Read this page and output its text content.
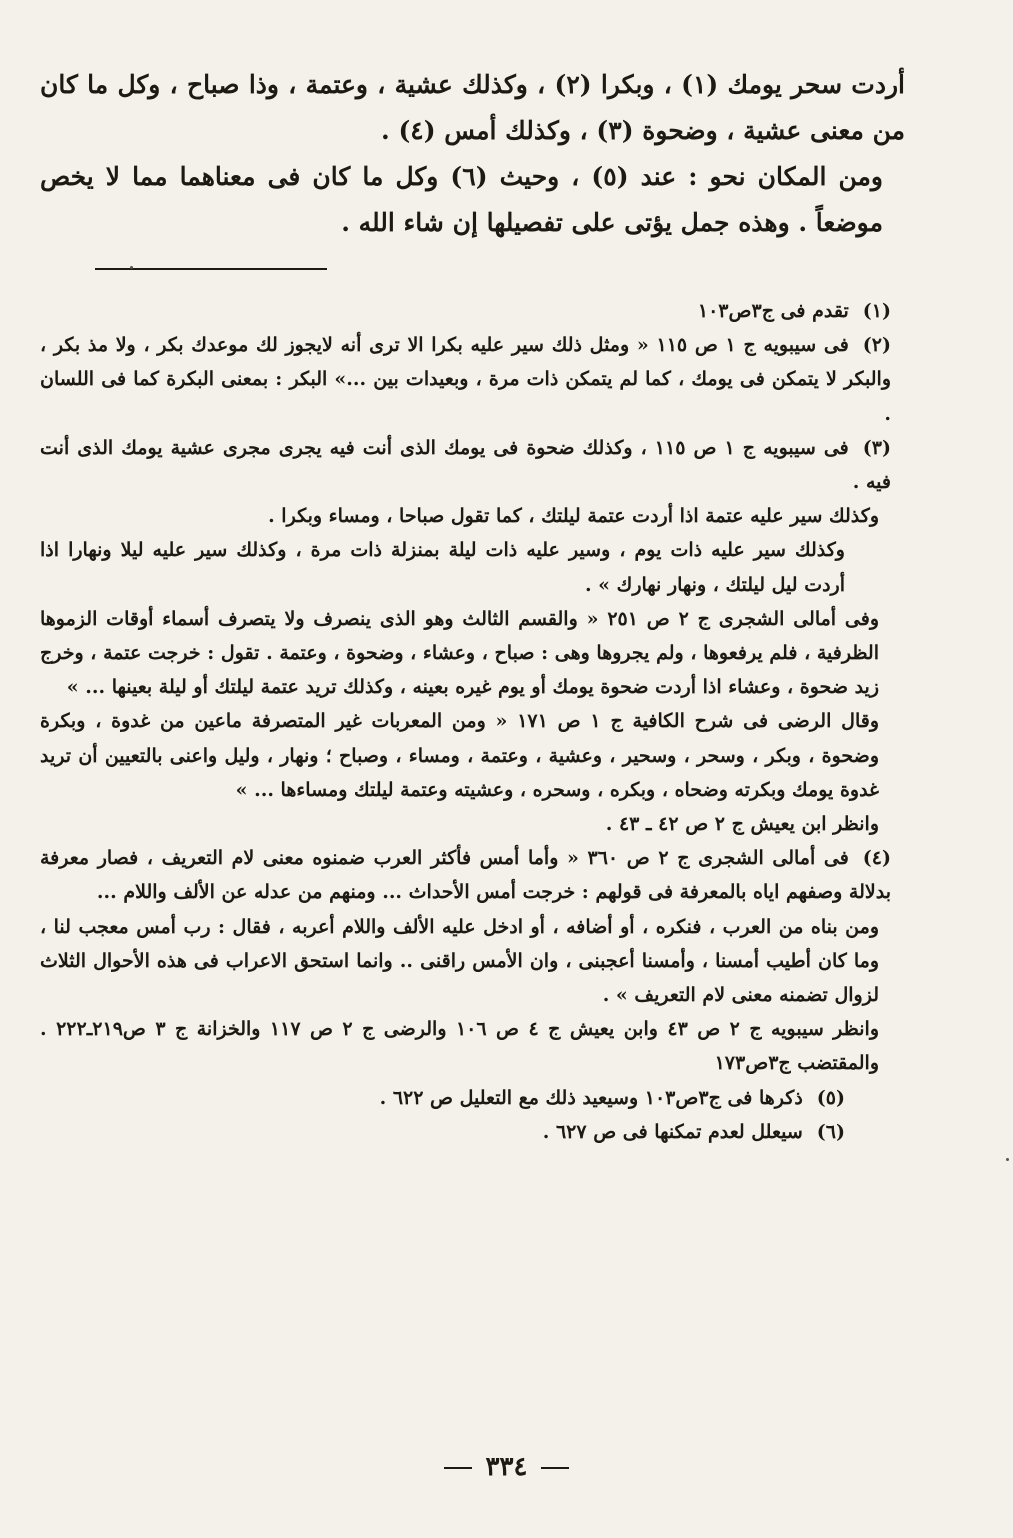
أردت سحر يومك (١) ، وبكرا (٢) ، وكذلك عشية ، وعتمة ، وذا صباح ، وكل ما كان من معنى عشية ، وضحوة (٣) ، وكذلك أمس (٤) .

ومن المكان نحو : عند (٥) ، وحيث (٦) وكل ما كان فى معناهما مما لا يخص موضعاً . وهذه جمل يؤتى على تفصيلها إن شاء الله .

(١)تقدم فى ج٣ص١٠٣

(٢)فى سيبويه ج ١ ص ١١٥ « ومثل ذلك سير عليه بكرا الا ترى أنه لايجوز لك موعدك بكر ، ولا مذ بكر ، والبكر لا يتمكن فى يومك ، كما لم يتمكن ذات مرة ، وبعيدات بين ...» البكر : بمعنى البكرة كما فى اللسان .

(٣)فى سيبويه ج ١ ص ١١٥ ، وكذلك ضحوة فى يومك الذى أنت فيه يجرى مجرى عشية يومك الذى أنت فيه .

وكذلك سير عليه عتمة اذا أردت عتمة ليلتك ، كما تقول صباحا ، ومساء وبكرا .

وكذلك سير عليه ذات يوم ، وسير عليه ذات ليلة بمنزلة ذات مرة ، وكذلك سير عليه ليلا ونهارا اذا أردت ليل ليلتك ، ونهار نهارك » .

وفى أمالى الشجرى ج ٢ ص ٢٥١ « والقسم الثالث وهو الذى ينصرف ولا يتصرف أسماء أوقات الزموها الظرفية ، فلم يرفعوها ، ولم يجروها وهى : صباح ، وعشاء ، وضحوة ، وعتمة . تقول : خرجت عتمة ، وخرج زيد ضحوة ، وعشاء اذا أردت ضحوة يومك أو يوم غيره بعينه ، وكذلك تريد عتمة ليلتك أو ليلة بعينها ... »

وقال الرضى فى شرح الكافية ج ١ ص ١٧١ « ومن المعربات غير المتصرفة ماعين من غدوة ، وبكرة وضحوة ، وبكر ، وسحر ، وسحير ، وعشية ، وعتمة ، ومساء ، وصباح ؛ ونهار ، وليل واعنى بالتعيين أن تريد غدوة يومك وبكرته وضحاه ، وبكره ، وسحره ، وعشيته وعتمة ليلتك ومساءها ... »

وانظر ابن يعيش ج ٢ ص ٤٢ ـ ٤٣ .

(٤)فى أمالى الشجرى ج ٢ ص ٣٦٠ « وأما أمس فأكثر العرب ضمنوه معنى لام التعريف ، فصار معرفة بدلالة وصفهم اياه بالمعرفة فى قولهم : خرجت أمس الأحداث ... ومنهم من عدله عن الألف واللام ...

ومن بناه من العرب ، فنكره ، أو أضافه ، أو ادخل عليه الألف واللام أعربه ، فقال : رب أمس معجب لنا ، وما كان أطيب أمسنا ، وأمسنا أعجبنى ، وان الأمس راقنى .. وانما استحق الاعراب فى هذه الأحوال الثلاث لزوال تضمنه معنى لام التعريف » .

وانظر سيبويه ج ٢ ص ٤٣ وابن يعيش ج ٤ ص ١٠٦ والرضى ج ٢ ص ١١٧ والخزانة ج ٣ ص٢١٩ـ٢٢٢ . والمقتضب ج٣ص١٧٣

(٥)ذكرها فى ج٣ص١٠٣ وسيعيد ذلك مع التعليل ص ٦٢٢ .

(٦)سيعلل لعدم تمكنها فى ص ٦٢٧ .

٣٣٤
